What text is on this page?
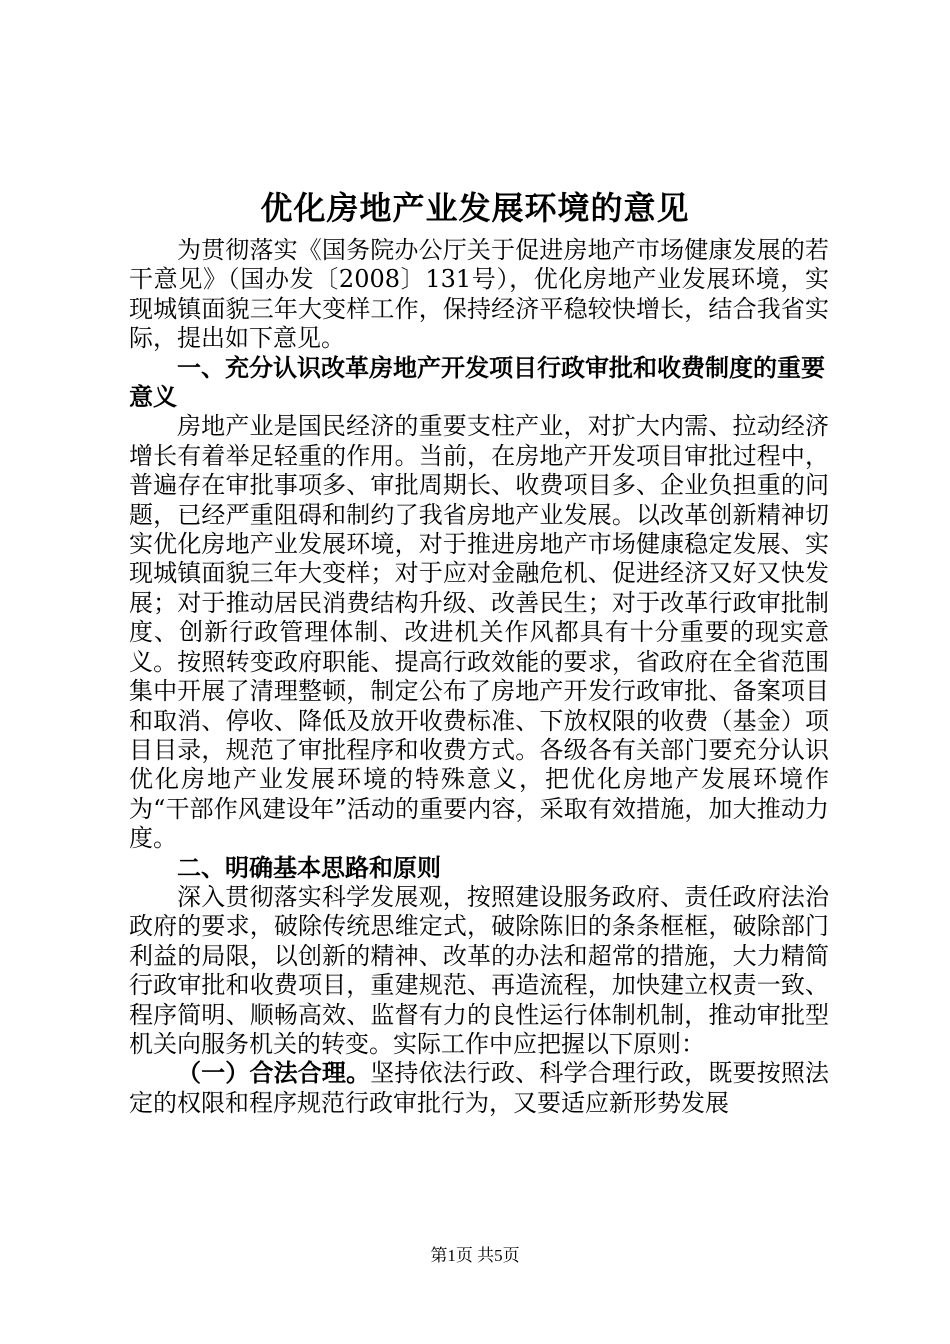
优化房地产业发展环境的意见

为贯彻落实《国务院办公厅关于促进房地产市场健康发展的若干意见》（国办发〔2008〕131号），优化房地产业发展环境，实现城镇面貌三年大变样工作，保持经济平稳较快增长，结合我省实际，提出如下意见。

一、充分认识改革房地产开发项目行政审批和收费制度的重要意义

房地产业是国民经济的重要支柱产业，对扩大内需、拉动经济增长有着举足轻重的作用。当前，在房地产开发项目审批过程中，普遍存在审批事项多、审批周期长、收费项目多、企业负担重的问题，已经严重阻碍和制约了我省房地产业发展。以改革创新精神切实优化房地产业发展环境，对于推进房地产市场健康稳定发展、实现城镇面貌三年大变样；对于应对金融危机、促进经济又好又快发展；对于推动居民消费结构升级、改善民生；对于改革行政审批制度、创新行政管理体制、改进机关作风都具有十分重要的现实意义。按照转变政府职能、提高行政效能的要求，省政府在全省范围集中开展了清理整顿，制定公布了房地产开发行政审批、备案项目和取消、停收、降低及放开收费标准、下放权限的收费（基金）项目目录，规范了审批程序和收费方式。各级各有关部门要充分认识优化房地产业发展环境的特殊意义，把优化房地产发展环境作为“干部作风建设年”活动的重要内容，采取有效措施，加大推动力度。

二、明确基本思路和原则

深入贯彻落实科学发展观，按照建设服务政府、责任政府法治政府的要求，破除传统思维定式，破除陈旧的条条框框，破除部门利益的局限，以创新的精神、改革的办法和超常的措施，大力精简行政审批和收费项目，重建规范、再造流程，加快建立权责一致、程序简明、顺畅高效、监督有力的良性运行体制机制，推动审批型机关向服务机关的转变。实际工作中应把握以下原则：

（一）合法合理。坚持依法行政、科学合理行政，既要按照法定的权限和程序规范行政审批行为，又要适应新形势发展

第1页 共5页
